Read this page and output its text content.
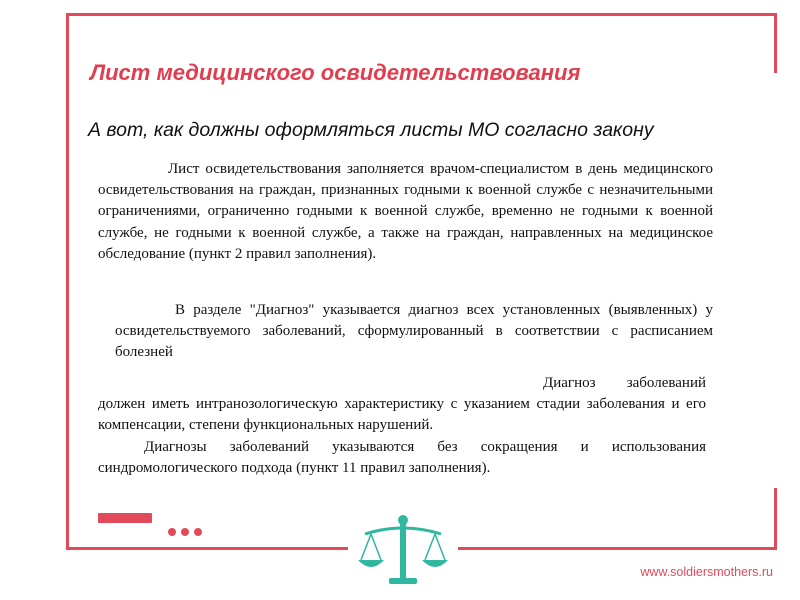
Лист медицинского освидетельствования

А вот, как должны оформляться листы МО согласно закону

Лист освидетельствования заполняется врачом-специалистом в день медицинского освидетельствования на граждан, признанных годными к военной службе с незначительными ограничениями, ограниченно годными к военной службе, временно не годными к военной службе, не годными к военной службе, а также на граждан, направленных на медицинское обследование (пункт 2 правил заполнения).

В разделе "Диагноз" указывается диагноз всех установленных (выявленных) у освидетельствуемого заболеваний, сформулированный в соответствии с расписанием болезней

Диагноз заболеваний должен иметь интранозологическую характеристику с указанием стадии заболевания и его компенсации, степени функциональных нарушений.

Диагнозы заболеваний указываются без сокращения и использования синдромологического подхода (пункт 11 правил заполнения).

www.soldiersmothers.ru
